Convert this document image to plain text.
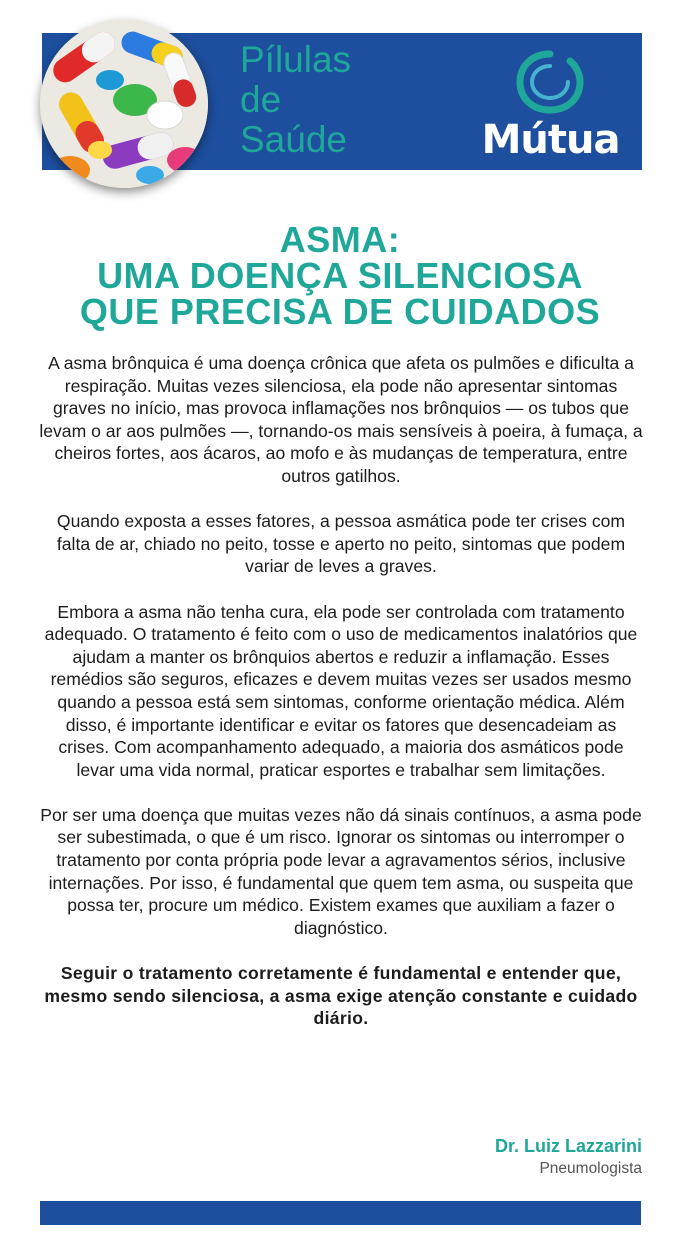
Pílulas
de
Saúde	Mútua
ASMA:
UMA DOENÇA SILENCIOSA
QUE PRECISA DE CUIDADOS

A asma brônquica é uma doença crônica que afeta os pulmões e dificulta a respiração. Muitas vezes silenciosa, ela pode não apresentar sintomas graves no início, mas provoca inflamações nos brônquios — os tubos que levam o ar aos pulmões —, tornando-os mais sensíveis à poeira, à fumaça, a cheiros fortes, aos ácaros, ao mofo e às mudanças de temperatura, entre outros gatilhos.

Quando exposta a esses fatores, a pessoa asmática pode ter crises com falta de ar, chiado no peito, tosse e aperto no peito, sintomas que podem variar de leves a graves.

Embora a asma não tenha cura, ela pode ser controlada com tratamento adequado. O tratamento é feito com o uso de medicamentos inalatórios que ajudam a manter os brônquios abertos e reduzir a inflamação. Esses remédios são seguros, eficazes e devem muitas vezes ser usados mesmo quando a pessoa está sem sintomas, conforme orientação médica. Além disso, é importante identificar e evitar os fatores que desencadeiam as crises. Com acompanhamento adequado, a maioria dos asmáticos pode levar uma vida normal, praticar esportes e trabalhar sem limitações.

Por ser uma doença que muitas vezes não dá sinais contínuos, a asma pode ser subestimada, o que é um risco. Ignorar os sintomas ou interromper o tratamento por conta própria pode levar a agravamentos sérios, inclusive internações. Por isso, é fundamental que quem tem asma, ou suspeita que possa ter, procure um médico. Existem exames que auxiliam a fazer o diagnóstico.

Seguir o tratamento corretamente é fundamental e entender que, mesmo sendo silenciosa, a asma exige atenção constante e cuidado diário.

Dr. Luiz Lazzarini
Pneumologista
